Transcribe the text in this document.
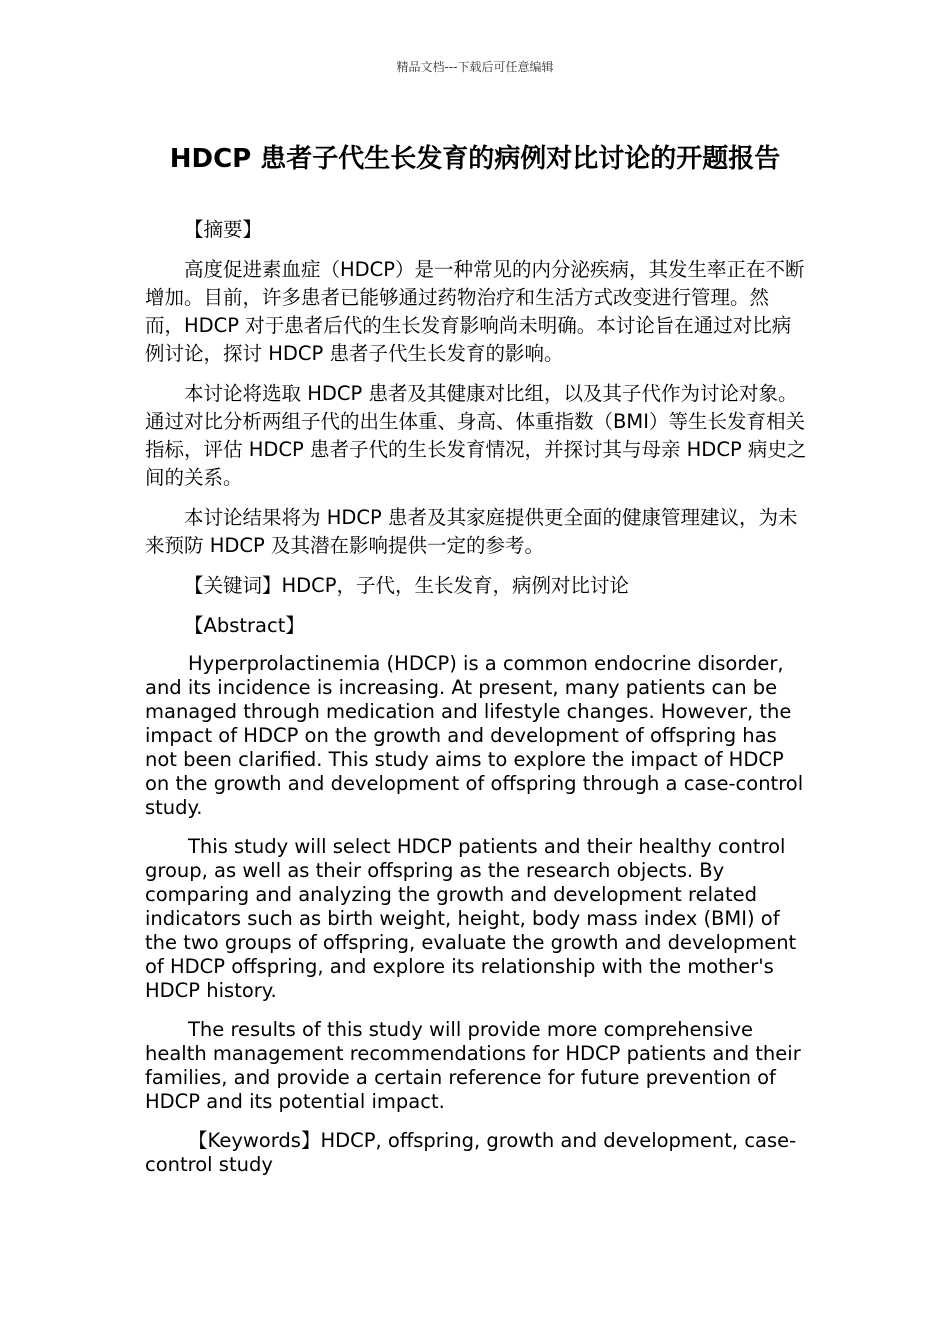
精品文档---下载后可任意编辑
HDCP 患者子代生长发育的病例对比讨论的开题报告

【摘要】

高度促进素血症（HDCP）是一种常见的内分泌疾病，其发生率正在不断增加。目前，许多患者已能够通过药物治疗和生活方式改变进行管理。然而，HDCP 对于患者后代的生长发育影响尚未明确。本讨论旨在通过对比病例讨论，探讨 HDCP 患者子代生长发育的影响。

本讨论将选取 HDCP 患者及其健康对比组，以及其子代作为讨论对象。通过对比分析两组子代的出生体重、身高、体重指数（BMI）等生长发育相关指标，评估 HDCP 患者子代的生长发育情况，并探讨其与母亲 HDCP 病史之间的关系。

本讨论结果将为 HDCP 患者及其家庭提供更全面的健康管理建议，为未来预防 HDCP 及其潜在影响提供一定的参考。

【关键词】HDCP，子代，生长发育，病例对比讨论

【Abstract】

Hyperprolactinemia (HDCP) is a common endocrine disorder, and its incidence is increasing. At present, many patients can be managed through medication and lifestyle changes. However, the impact of HDCP on the growth and development of offspring has not been clarified. This study aims to explore the impact of HDCP on the growth and development of offspring through a case-control study.

This study will select HDCP patients and their healthy control group, as well as their offspring as the research objects. By comparing and analyzing the growth and development related indicators such as birth weight, height, body mass index (BMI) of the two groups of offspring, evaluate the growth and development of HDCP offspring, and explore its relationship with the mother's HDCP history.

The results of this study will provide more comprehensive health management recommendations for HDCP patients and their families, and provide a certain reference for future prevention of HDCP and its potential impact.

【Keywords】HDCP, offspring, growth and development, case-control study
